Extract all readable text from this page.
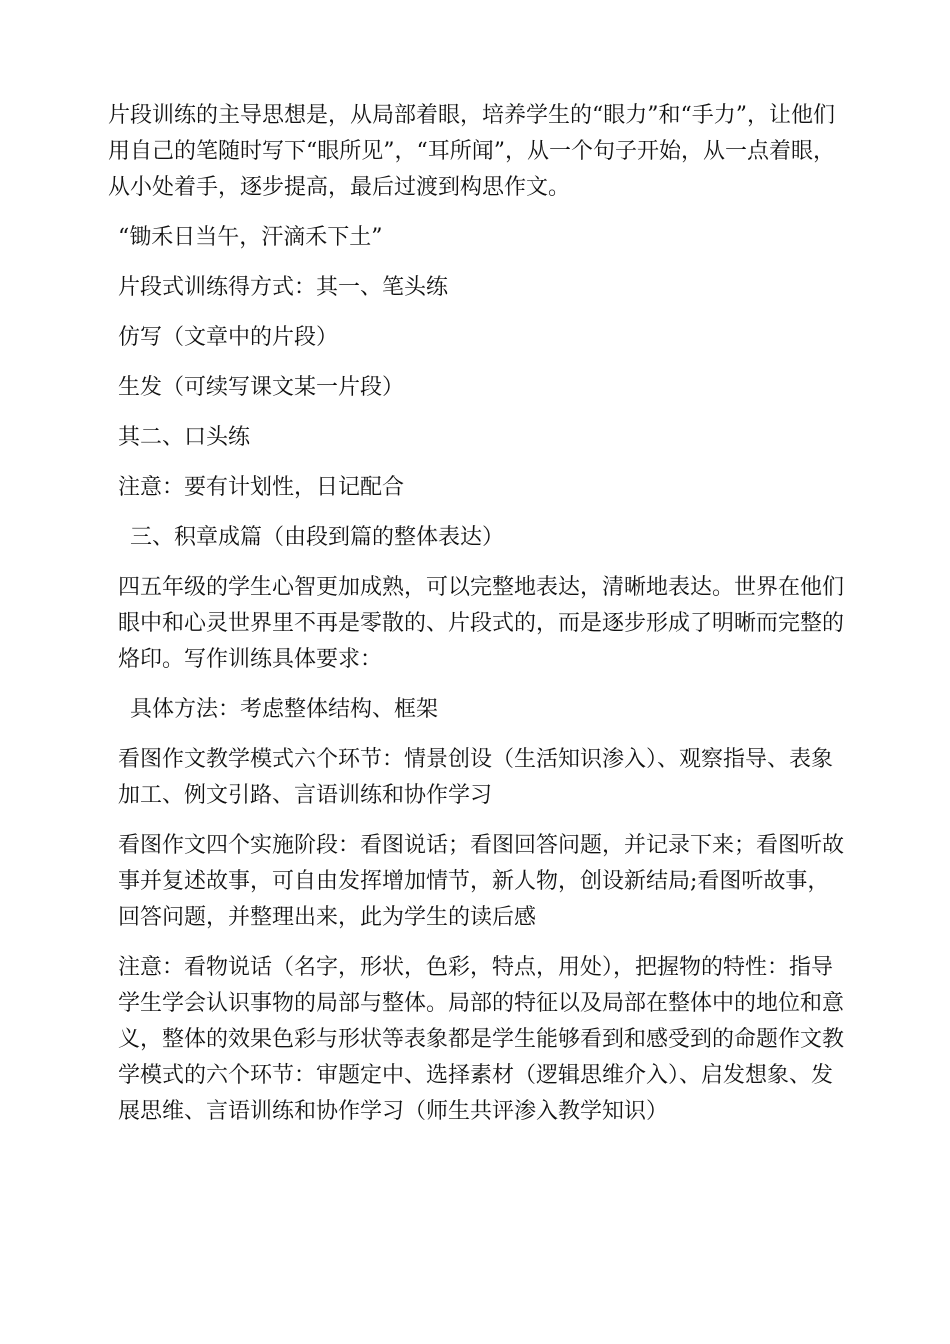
片段训练的主导思想是，从局部着眼，培养学生的“眼力”和“手力”，让他们用自己的笔随时写下“眼所见”，“耳所闻”，从一个句子开始，从一点着眼，从小处着手，逐步提高，最后过渡到构思作文。

“锄禾日当午，汗滴禾下土”

片段式训练得方式：其一、笔头练

仿写（文章中的片段）

生发（可续写课文某一片段）

其二、口头练

注意：要有计划性，日记配合

三、积章成篇（由段到篇的整体表达）

四五年级的学生心智更加成熟，可以完整地表达，清晰地表达。世界在他们眼中和心灵世界里不再是零散的、片段式的，而是逐步形成了明晰而完整的烙印。写作训练具体要求：

具体方法：考虑整体结构、框架

看图作文教学模式六个环节：情景创设（生活知识渗入）、观察指导、表象加工、例文引路、言语训练和协作学习

看图作文四个实施阶段：看图说话；看图回答问题，并记录下来；看图听故事并复述故事，可自由发挥增加情节，新人物，创设新结局;看图听故事，回答问题，并整理出来，此为学生的读后感

注意：看物说话（名字，形状，色彩，特点，用处），把握物的特性：指导学生学会认识事物的局部与整体。局部的特征以及局部在整体中的地位和意义，整体的效果色彩与形状等表象都是学生能够看到和感受到的命题作文教学模式的六个环节：审题定中、选择素材（逻辑思维介入）、启发想象、发展思维、言语训练和协作学习（师生共评渗入教学知识）
